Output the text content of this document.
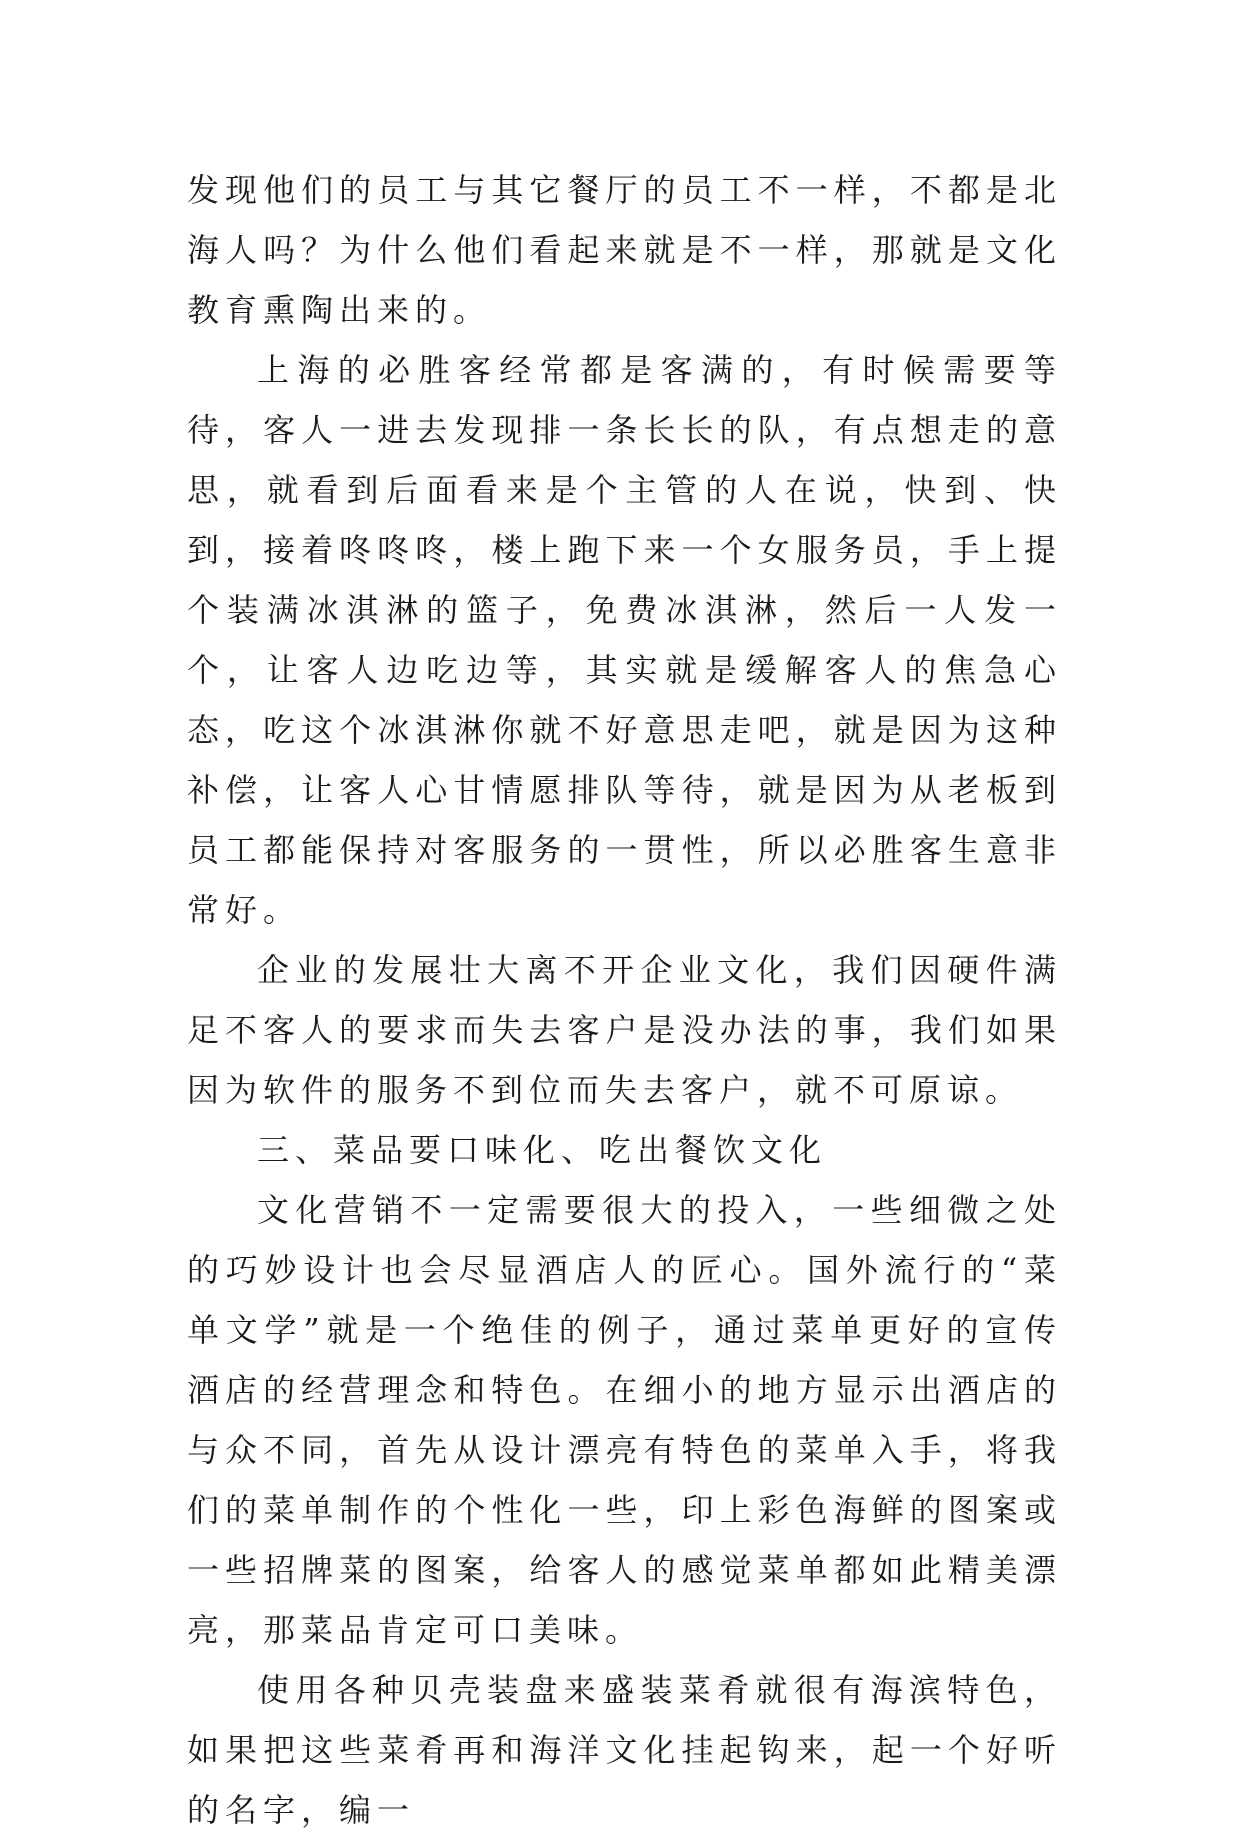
发现他们的员工与其它餐厅的员工不一样，不都是北海人吗？为什么他们看起来就是不一样，那就是文化教育熏陶出来的。

上海的必胜客经常都是客满的，有时候需要等待，客人一进去发现排一条长长的队，有点想走的意思，就看到后面看来是个主管的人在说，快到、快到，接着咚咚咚，楼上跑下来一个女服务员，手上提个装满冰淇淋的篮子，免费冰淇淋，然后一人发一个，让客人边吃边等，其实就是缓解客人的焦急心态，吃这个冰淇淋你就不好意思走吧，就是因为这种补偿，让客人心甘情愿排队等待，就是因为从老板到员工都能保持对客服务的一贯性，所以必胜客生意非常好。

企业的发展壮大离不开企业文化，我们因硬件满足不客人的要求而失去客户是没办法的事，我们如果因为软件的服务不到位而失去客户，就不可原谅。

三、菜品要口味化、吃出餐饮文化

文化营销不一定需要很大的投入，一些细微之处的巧妙设计也会尽显酒店人的匠心。国外流行的“菜单文学”就是一个绝佳的例子，通过菜单更好的宣传酒店的经营理念和特色。在细小的地方显示出酒店的与众不同，首先从设计漂亮有特色的菜单入手，将我们的菜单制作的个性化一些，印上彩色海鲜的图案或一些招牌菜的图案，给客人的感觉菜单都如此精美漂亮，那菜品肯定可口美味。

使用各种贝壳装盘来盛装菜肴就很有海滨特色，如果把这些菜肴再和海洋文化挂起钩来，起一个好听的名字，编一
